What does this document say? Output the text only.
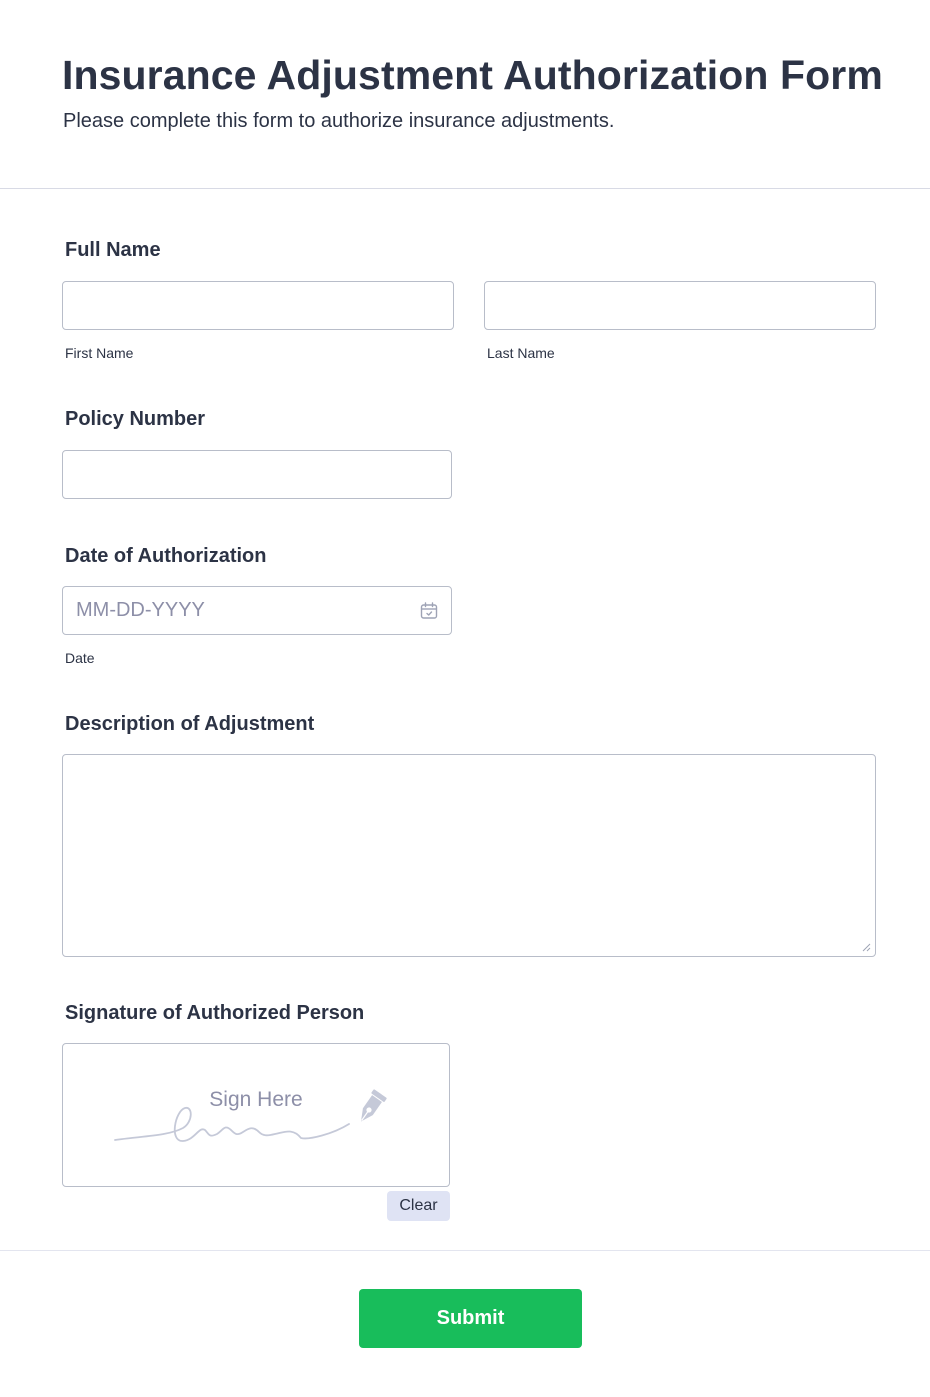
Insurance Adjustment Authorization Form

Please complete this form to authorize insurance adjustments.

Full Name
First Name	Last Name
Policy Number
Date of Authorization
MM-DD-YYYY
Date
Description of Adjustment
Signature of Authorized Person
Sign Here
Clear
Submit
